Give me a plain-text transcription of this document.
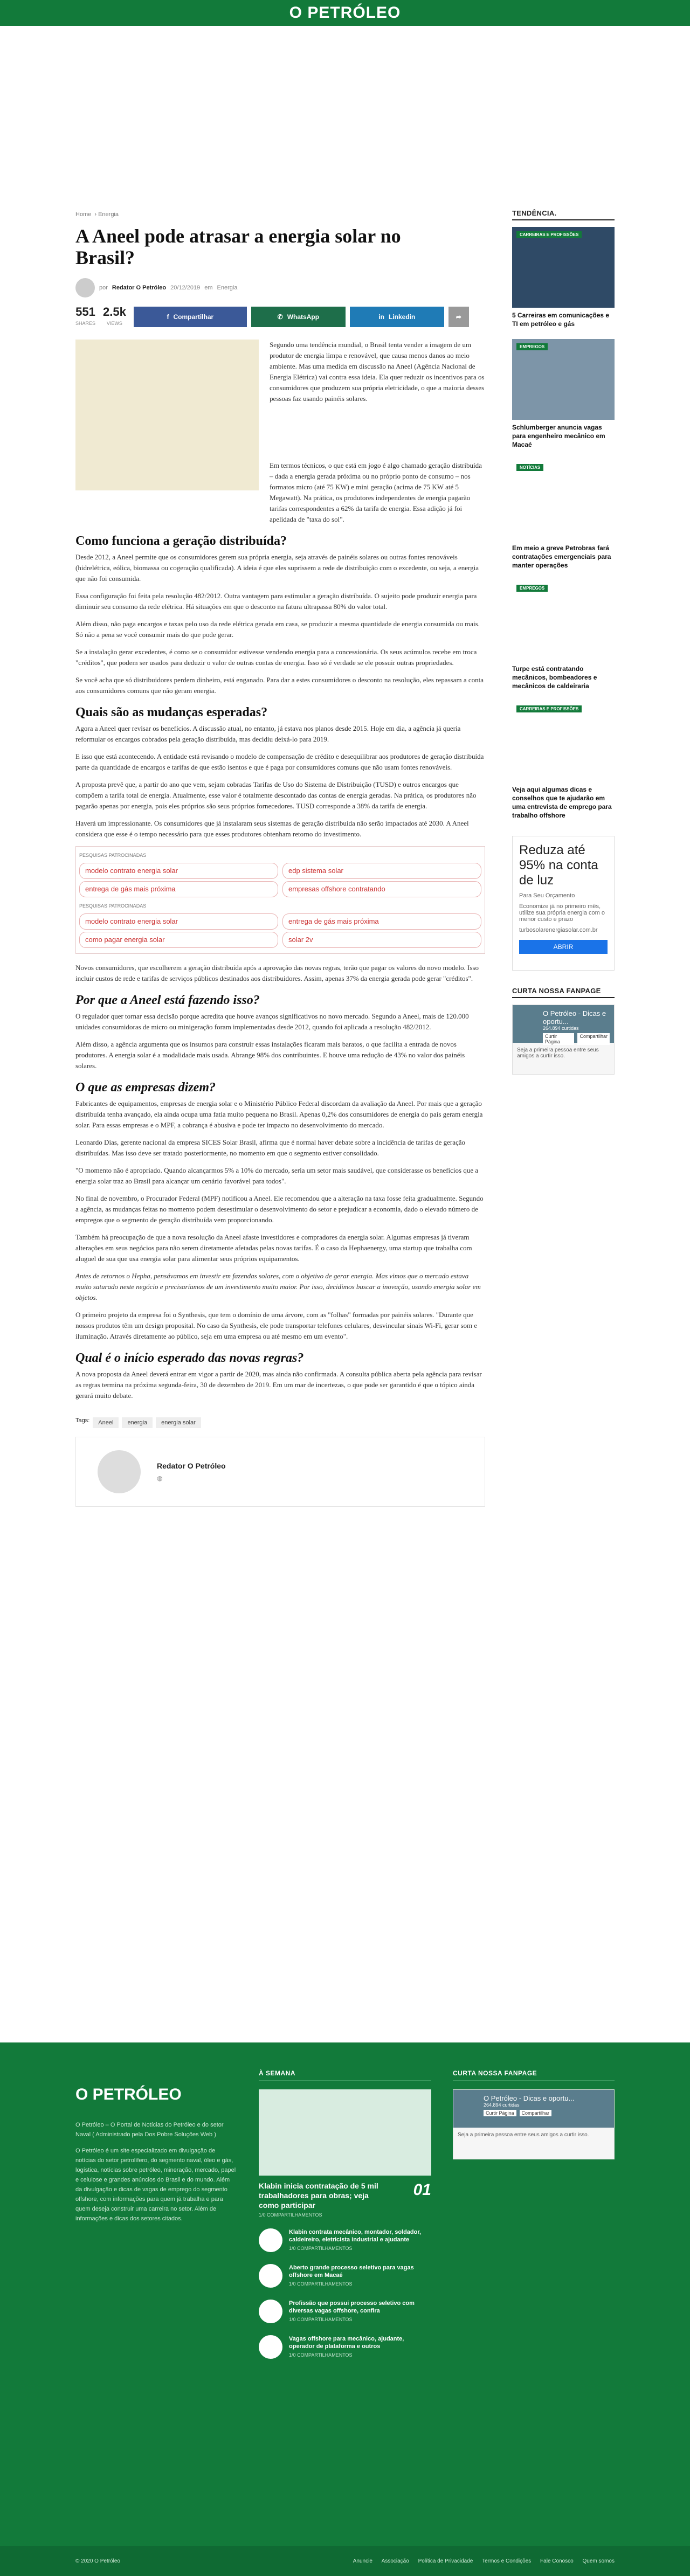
O PETRÓLEO
Home › Energia
A Aneel pode atrasar a energia solar no Brasil?
por Redator O Petróleo 20/12/2019 em Energia
551
SHARES
2.5k
VIEWS
f Compartilhar	✆ WhatsApp	in Linkedin	➦

Segundo uma tendência mundial, o Brasil tenta vender a imagem de um produtor de energia limpa e renovável, que causa menos danos ao meio ambiente. Mas uma medida em discussão na Aneel (Agência Nacional de Energia Elétrica) vai contra essa ideia. Ela quer reduzir os incentivos para os consumidores que produzem sua própria eletricidade, o que a maioria desses pessoas faz usando painéis solares.

Em termos técnicos, o que está em jogo é algo chamado geração distribuída – dada a energia gerada próxima ou no próprio ponto de consumo – nos formatos micro (até 75 KW) e mini geração (acima de 75 KW até 5 Megawatt). Na prática, os produtores independentes de energia pagarão tarifas correspondentes a 62% da tarifa de energia. Essa adição já foi apelidada de "taxa do sol".

Como funciona a geração distribuída?

Desde 2012, a Aneel permite que os consumidores gerem sua própria energia, seja através de painéis solares ou outras fontes renováveis (hidrelétrica, eólica, biomassa ou cogeração qualificada). A ideia é que eles suprissem a rede de distribuição com o excedente, ou seja, a energia que não foi consumida.

Essa configuração foi feita pela resolução 482/2012. Outra vantagem para estimular a geração distribuída. O sujeito pode produzir energia para diminuir seu consumo da rede elétrica. Há situações em que o desconto na fatura ultrapassa 80% do valor total.

Além disso, não paga encargos e taxas pelo uso da rede elétrica gerada em casa, se produzir a mesma quantidade de energia consumida ou mais. Só não a pena se você consumir mais do que pode gerar.

Se a instalação gerar excedentes, é como se o consumidor estivesse vendendo energia para a concessionária. Os seus acúmulos recebe em troca "créditos", que podem ser usados para deduzir o valor de outras contas de energia. Isso só é verdade se ele possuir outras propriedades.

Se você acha que só distribuidores perdem dinheiro, está enganado. Para dar a estes consumidores o desconto na resolução, eles repassam a conta aos consumidores comuns que não geram energia.

Quais são as mudanças esperadas?

Agora a Aneel quer revisar os benefícios. A discussão atual, no entanto, já estava nos planos desde 2015. Hoje em dia, a agência já queria reformular os encargos cobrados pela geração distribuída, mas decidiu deixá-lo para 2019.

E isso que está acontecendo. A entidade está revisando o modelo de compensação de crédito e desequilibrar aos produtores de geração distribuída parte da quantidade de encargos e tarifas de que estão isentos e que é paga por consumidores comuns que não usam fontes renováveis.

A proposta prevê que, a partir do ano que vem, sejam cobradas Tarifas de Uso do Sistema de Distribuição (TUSD) e outros encargos que compõem a tarifa total de energia. Atualmente, esse valor é totalmente descontado das contas de energia geradas. Na prática, os produtores não pagarão apenas por energia, pois eles próprios são seus próprios fornecedores. TUSD corresponde a 38% da tarifa de energia.

Haverá um impressionante. Os consumidores que já instalaram seus sistemas de geração distribuída não serão impactados até 2030. A Aneel considera que esse é o tempo necessário para que esses produtores obtenham retorno do investimento.

PESQUISAS PATROCINADAS
modelo contrato energia solar	edp sistema solar
entrega de gás mais próxima	empresas offshore contratando
PESQUISAS PATROCINADAS
modelo contrato energia solar	entrega de gás mais próxima
como pagar energia solar	solar 2v

Novos consumidores, que escolherem a geração distribuída após a aprovação das novas regras, terão que pagar os valores do novo modelo. Isso incluir custos de rede e tarifas de serviços públicos destinados aos distribuidores. Assim, apenas 37% da energia gerada pode gerar "créditos".

Por que a Aneel está fazendo isso?

O regulador quer tornar essa decisão porque acredita que houve avanços significativos no novo mercado. Segundo a Aneel, mais de 120.000 unidades consumidoras de micro ou minigeração foram implementadas desde 2012, quando foi aplicada a resolução 482/2012.

Além disso, a agência argumenta que os insumos para construir essas instalações ficaram mais baratos, o que facilita a entrada de novos produtores. A energia solar é a modalidade mais usada. Abrange 98% dos contribuintes. E houve uma redução de 43% no valor dos painéis solares.

O que as empresas dizem?

Fabricantes de equipamentos, empresas de energia solar e o Ministério Público Federal discordam da avaliação da Aneel. Por mais que a geração distribuída tenha avançado, ela ainda ocupa uma fatia muito pequena no Brasil. Apenas 0,2% dos consumidores de energia do país geram energia solar. Para essas empresas e o MPF, a cobrança é abusiva e pode ter impacto no desenvolvimento do mercado.

Leonardo Dias, gerente nacional da empresa SICES Solar Brasil, afirma que é normal haver debate sobre a incidência de tarifas de geração distribuídas. Mas isso deve ser tratado posteriormente, no momento em que o segmento estiver consolidado.

"O momento não é apropriado. Quando alcançarmos 5% a 10% do mercado, seria um setor mais saudável, que considerasse os benefícios que a energia solar traz ao Brasil para alcançar um cenário favorável para todos".

No final de novembro, o Procurador Federal (MPF) notificou a Aneel. Ele recomendou que a alteração na taxa fosse feita gradualmente. Segundo a agência, as mudanças feitas no momento podem desestimular o desenvolvimento do setor e prejudicar a economia, dado o elevado número de empregos que o segmento de geração distribuída vem proporcionando.

Também há preocupação de que a nova resolução da Aneel afaste investidores e compradores da energia solar. Algumas empresas já tiveram alterações em seus negócios para não serem diretamente afetadas pelas novas tarifas. É o caso da Hephaenergy, uma startup que trabalha com aluguel de sua que usa energia solar para alimentar seus próprios equipamentos.

Antes de retornos o Hepha, pensávamos em investir em fazendas solares, com o objetivo de gerar energia. Mas vimos que o mercado estava muito saturado neste negócio e precisaríamos de um investimento muito maior. Por isso, decidimos buscar a inovação, usando energia solar em objetos.

O primeiro projeto da empresa foi o Synthesis, que tem o domínio de uma árvore, com as "folhas" formadas por painéis solares. "Durante que nossos produtos têm um design proposital. No caso da Synthesis, ele pode transportar telefones celulares, desvincular sinais Wi-Fi, gerar som e iluminação. Através diretamente ao público, seja em uma empresa ou até mesmo em um evento".

Qual é o início esperado das novas regras?

A nova proposta da Aneel deverá entrar em vigor a partir de 2020, mas ainda não confirmada. A consulta pública aberta pela agência para revisar as regras termina na próxima segunda-feira, 30 de dezembro de 2019. Em um mar de incertezas, o que pode ser garantido é que o tópico ainda gerará muito debate.

Tags:	Aneel	energia	energia solar
Redator O Petróleo
◍
TENDÊNCIA.
CARREIRAS E PROFISSÕES
5 Carreiras em comunicações e TI em petróleo e gás
EMPREGOS
Schlumberger anuncia vagas para engenheiro mecânico em Macaé
NOTÍCIAS
Em meio a greve Petrobras fará contratações emergenciais para manter operações
EMPREGOS
Turpe está contratando mecânicos, bombeadores e mecânicos de caldeiraria
CARREIRAS E PROFISSÕES
Veja aqui algumas dicas e conselhos que te ajudarão em uma entrevista de emprego para trabalho offshore
Reduza até 95% na conta de luz
Para Seu Orçamento
Economize já no primeiro mês, utilize sua própria energia com o menor custo e prazo
turbosolarenergiasolar.com.br
ABRIR
CURTA NOSSA FANPAGE
O Petróleo - Dicas e oportu...
264.894 curtidas
Curtir Página
Compartilhar
Seja a primeira pessoa entre seus amigos a curtir isso.
O PETRÓLEO

O Petróleo – O Portal de Notícias do Petróleo e do setor Naval ( Administrado pela Dos Pobre Soluções Web )

O Petróleo é um site especializado em divulgação de notícias do setor petrolífero, do segmento naval, óleo e gás, logística, notícias sobre petróleo, mineração, mercado, papel e celulose e grandes anúncios do Brasil e do mundo. Além da divulgação e dicas de vagas de emprego do segmento offshore, com informações para quem já trabalha e para quem deseja construir uma carreira no setor. Além de informações e dicas dos setores citados.

À SEMANA
Klabin inicia contratação de 5 mil trabalhadores para obras; veja como participar
1/0 COMPARTILHAMENTOS
01
Klabin contrata mecânico, montador, soldador, caldeireiro, eletricista industrial e ajudante
1/0 COMPARTILHAMENTOS
Aberto grande processo seletivo para vagas offshore em Macaé
1/0 COMPARTILHAMENTOS
Profissão que possui processo seletivo com diversas vagas offshore, confira
1/0 COMPARTILHAMENTOS
Vagas offshore para mecânico, ajudante, operador de plataforma e outros
1/0 COMPARTILHAMENTOS
CURTA NOSSA FANPAGE
O Petróleo - Dicas e oportu...
264.894 curtidas
Curtir Página	Compartilhar
Seja a primeira pessoa entre seus amigos a curtir isso.
© 2020 O Petróleo	Anuncie Associação Política de Privacidade Termos e Condições Fale Conosco Quem somos
